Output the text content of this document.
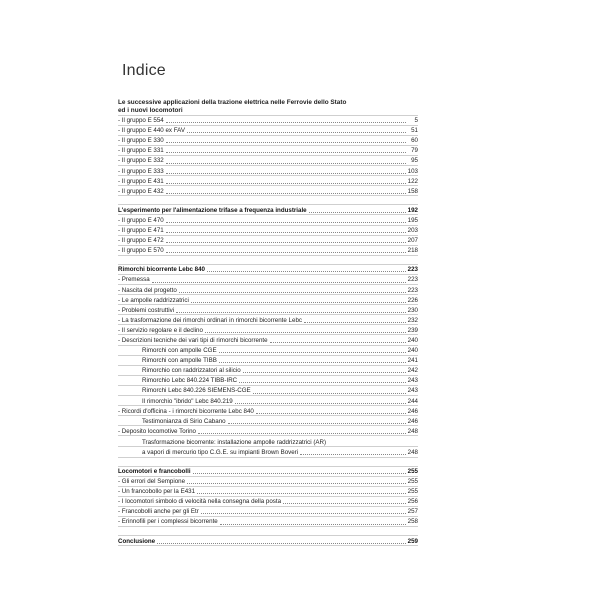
Indice
Le successive applicazioni della trazione elettrica nelle Ferrovie dello Stato
ed i nuovi locomotori
- Il gruppo E 554	5
- Il gruppo E 440 ex FAV	51
- Il gruppo E 330	60
- Il gruppo E 331	79
- Il gruppo E 332	95
- Il gruppo E 333	103
- Il gruppo E 431	122
- Il gruppo E 432	158
L'esperimento per l'alimentazione trifase a frequenza industriale	192
- Il gruppo E 470	195
- Il gruppo E 471	203
- Il gruppo E 472	207
- Il gruppo E 570	218
Rimorchi bicorrente Lebc 840	223
- Premessa	223
- Nascita del progetto	223
- Le ampolle raddrizzatrici	226
- Problemi costruttivi	230
- La trasformazione dei rimorchi ordinari in rimorchi bicorrente Lebc	232
- Il servizio regolare e il declino	239
- Descrizioni tecniche dei vari tipi di rimorchi bicorrente	240
Rimorchi con ampolle CGE	240
Rimorchi con ampolle TIBB	241
Rimorchio con raddrizzatori al silicio	242
Rimorchio Lebc 840.224 TIBB-IRC	243
Rimorchi Lebc 840.226 SIEMENS-CGE	243
Il rimorchio "ibrido" Lebc 840.219	244
- Ricordi d'officina - i rimorchi bicorrente Lebc 840	246
Testimonianza di Sirio Cabano	246
- Deposito locomotive Torino	248
Trasformazione bicorrente: installazione ampolle raddrizzatrici (AR)
a vapori di mercurio tipo C.G.E. su impianti Brown Boveri	248
Locomotori e francobolli	255
- Gli errori del Sempione	255
- Un francobollo per la E431	255
- I locomotori simbolo di velocità nella consegna della posta	256
- Francobolli anche per gli Etr	257
- Erinnofili per i complessi bicorrente	258
Conclusione	259
